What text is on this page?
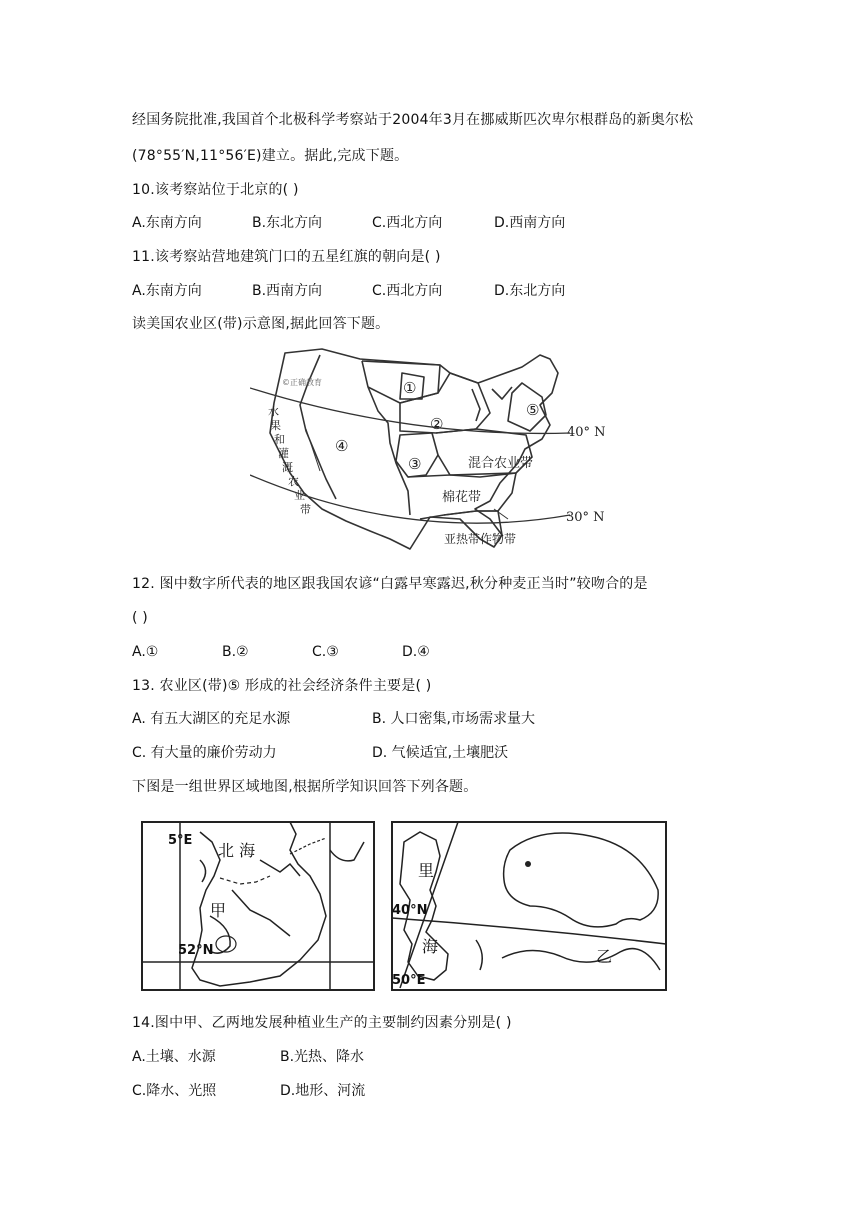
经国务院批准,我国首个北极科学考察站于2004年3月在挪威斯匹次卑尔根群岛的新奥尔松
(78°55′N,11°56′E)建立。据此,完成下题。
10.该考察站位于北京的( )
A.东南方向	B.东北方向	C.西北方向	D.西南方向
11.该考察站营地建筑门口的五星红旗的朝向是( )
A.东南方向	B.西南方向	C.西北方向	D.东北方向
读美国农业区(带)示意图,据此回答下题。
©正确教育	①
②
③
④
⑤
40° N
30° N
混合农业带
棉花带
亚热带作物带
水
果
和
灌
溉
农
业
带
12. 图中数字所代表的地区跟我国农谚“白露早寒露迟,秋分种麦正当时”较吻合的是
( )
A.①	B.②	C.③	D.④
13. 农业区(带)⑤ 形成的社会经济条件主要是( )
A. 有五大湖区的充足水源	B. 人口密集,市场需求量大
C. 有大量的廉价劳动力	D. 气候适宜,土壤肥沃
下图是一组世界区域地图,根据所学知识回答下列各题。
5°E
北 海
甲
52°N
里
海
40°N
乙
50°E
14.图中甲、乙两地发展种植业生产的主要制约因素分别是( )
A.土壤、水源	B.光热、降水
C.降水、光照	D.地形、河流
